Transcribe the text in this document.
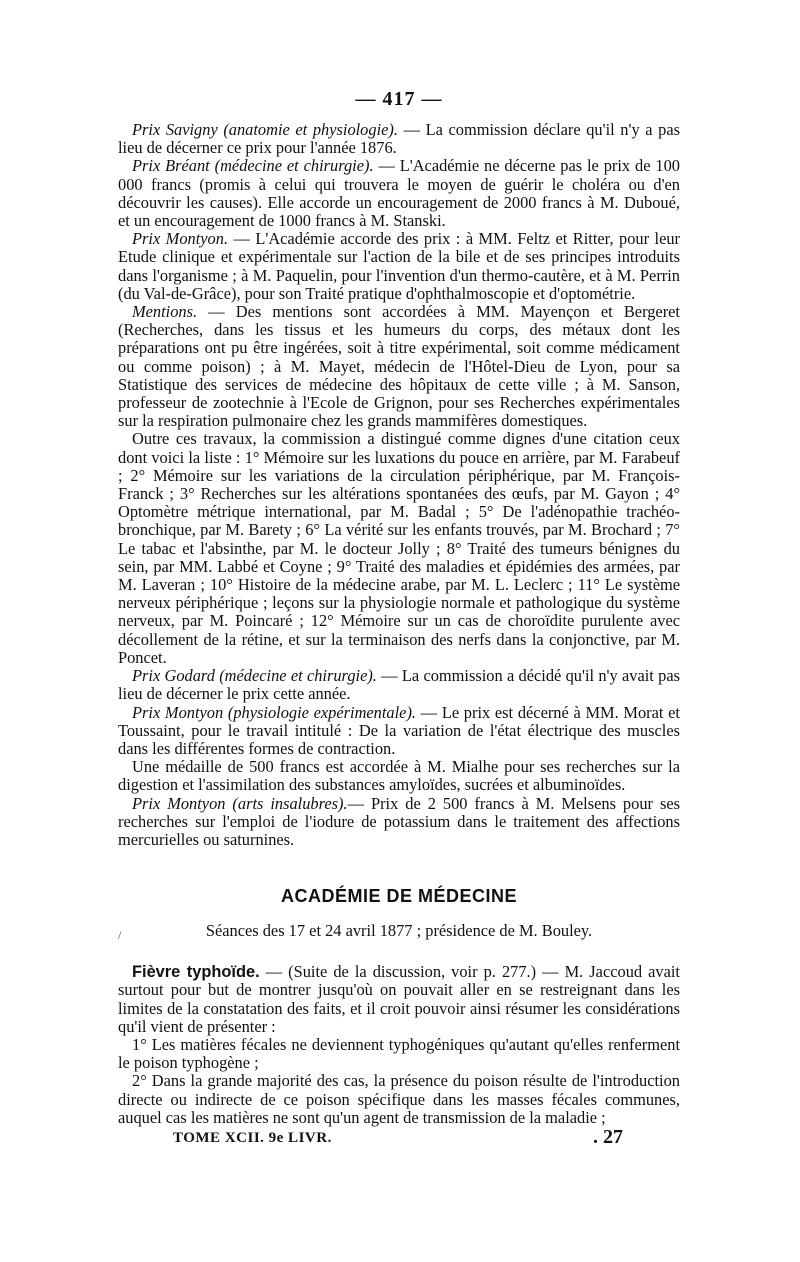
— 417 —

Prix Savigny (anatomie et physiologie). — La commission déclare qu'il n'y a pas lieu de décerner ce prix pour l'année 1876.

Prix Bréant (médecine et chirurgie). — L'Académie ne décerne pas le prix de 100 000 francs (promis à celui qui trouvera le moyen de guérir le choléra ou d'en découvrir les causes). Elle accorde un encouragement de 2000 francs à M. Duboué, et un encouragement de 1000 francs à M. Stanski.

Prix Montyon. — L'Académie accorde des prix : à MM. Feltz et Ritter, pour leur Etude clinique et expérimentale sur l'action de la bile et de ses principes introduits dans l'organisme ; à M. Paquelin, pour l'invention d'un thermo-cautère, et à M. Perrin (du Val-de-Grâce), pour son Traité pratique d'ophthalmoscopie et d'optométrie.

Mentions. — Des mentions sont accordées à MM. Mayençon et Bergeret (Recherches, dans les tissus et les humeurs du corps, des métaux dont les préparations ont pu être ingérées, soit à titre expérimental, soit comme médicament ou comme poison) ; à M. Mayet, médecin de l'Hôtel-Dieu de Lyon, pour sa Statistique des services de médecine des hôpitaux de cette ville ; à M. Sanson, professeur de zootechnie à l'Ecole de Grignon, pour ses Recherches expérimentales sur la respiration pulmonaire chez les grands mammifères domestiques.

Outre ces travaux, la commission a distingué comme dignes d'une citation ceux dont voici la liste : 1° Mémoire sur les luxations du pouce en arrière, par M. Farabeuf ; 2° Mémoire sur les variations de la circulation périphérique, par M. François-Franck ; 3° Recherches sur les altérations spontanées des œufs, par M. Gayon ; 4° Optomètre métrique international, par M. Badal ; 5° De l'adénopathie trachéo-bronchique, par M. Barety ; 6° La vérité sur les enfants trouvés, par M. Brochard ; 7° Le tabac et l'absinthe, par M. le docteur Jolly ; 8° Traité des tumeurs bénignes du sein, par MM. Labbé et Coyne ; 9° Traité des maladies et épidémies des armées, par M. Laveran ; 10° Histoire de la médecine arabe, par M. L. Leclerc ; 11° Le système nerveux périphérique ; leçons sur la physiologie normale et pathologique du système nerveux, par M. Poincaré ; 12° Mémoire sur un cas de choroïdite purulente avec décollement de la rétine, et sur la terminaison des nerfs dans la conjonctive, par M. Poncet.

Prix Godard (médecine et chirurgie). — La commission a décidé qu'il n'y avait pas lieu de décerner le prix cette année.

Prix Montyon (physiologie expérimentale). — Le prix est décerné à MM. Morat et Toussaint, pour le travail intitulé : De la variation de l'état électrique des muscles dans les différentes formes de contraction.

Une médaille de 500 francs est accordée à M. Mialhe pour ses recherches sur la digestion et l'assimilation des substances amyloïdes, sucrées et albuminoïdes.

Prix Montyon (arts insalubres).— Prix de 2 500 francs à M. Melsens pour ses recherches sur l'emploi de l'iodure de potassium dans le traitement des affections mercurielles ou saturnines.

ACADÉMIE DE MÉDECINE
Séances des 17 et 24 avril 1877 ; présidence de M. Bouley.

Fièvre typhoïde. — (Suite de la discussion, voir p. 277.) — M. Jaccoud avait surtout pour but de montrer jusqu'où on pouvait aller en se restreignant dans les limites de la constatation des faits, et il croit pouvoir ainsi résumer les considérations qu'il vient de présenter :

1° Les matières fécales ne deviennent typhogéniques qu'autant qu'elles renferment le poison typhogène ;

2° Dans la grande majorité des cas, la présence du poison résulte de l'introduction directe ou indirecte de ce poison spécifique dans les masses fécales communes, auquel cas les matières ne sont qu'un agent de transmission de la maladie ;

/
TOME XCII. 9e LIVR.	. 27
